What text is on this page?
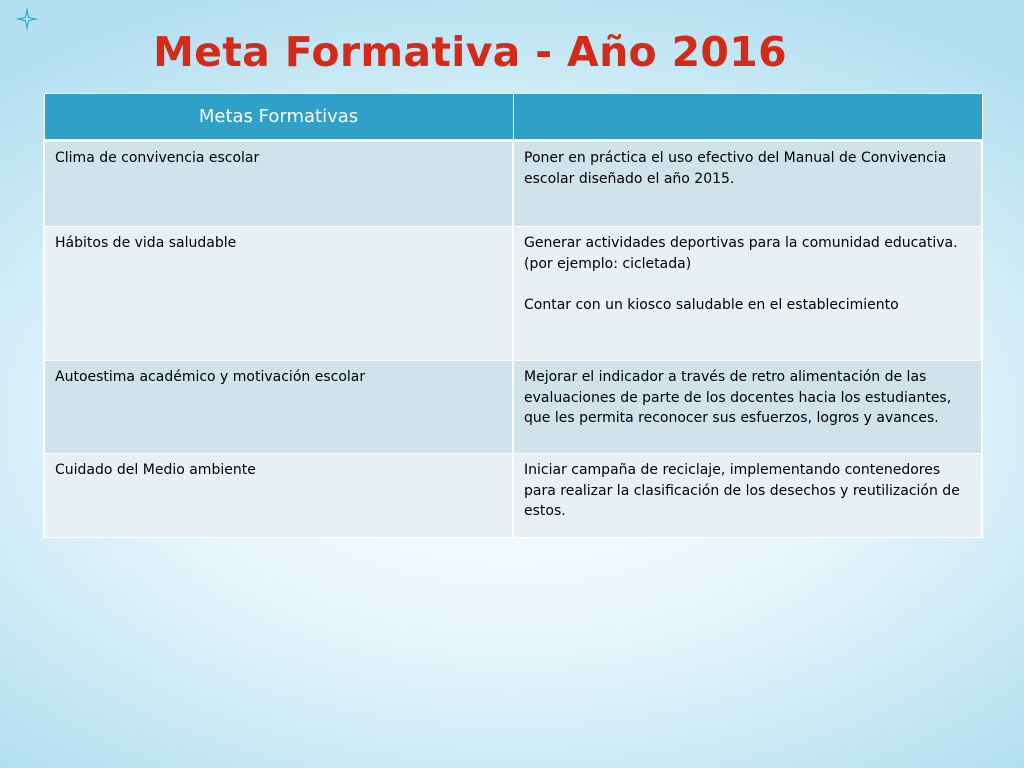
Meta Formativa - Año 2016
Metas Formativas	
Clima de convivencia escolar	Poner en práctica el uso efectivo del Manual de Convivencia escolar diseñado el año 2015.

Hábitos de vida saludable	Generar actividades deportivas para la comunidad educativa. (por ejemplo: cicletada)
Contar con un kiosco saludable en el establecimiento

Autoestima académico y motivación escolar	Mejorar el indicador a través de retro alimentación de las evaluaciones de parte de los docentes hacia los estudiantes, que les permita reconocer sus esfuerzos, logros y avances.

Cuidado del Medio ambiente	Iniciar campaña de reciclaje, implementando contenedores para realizar la clasificación de los desechos y reutilización de estos.
